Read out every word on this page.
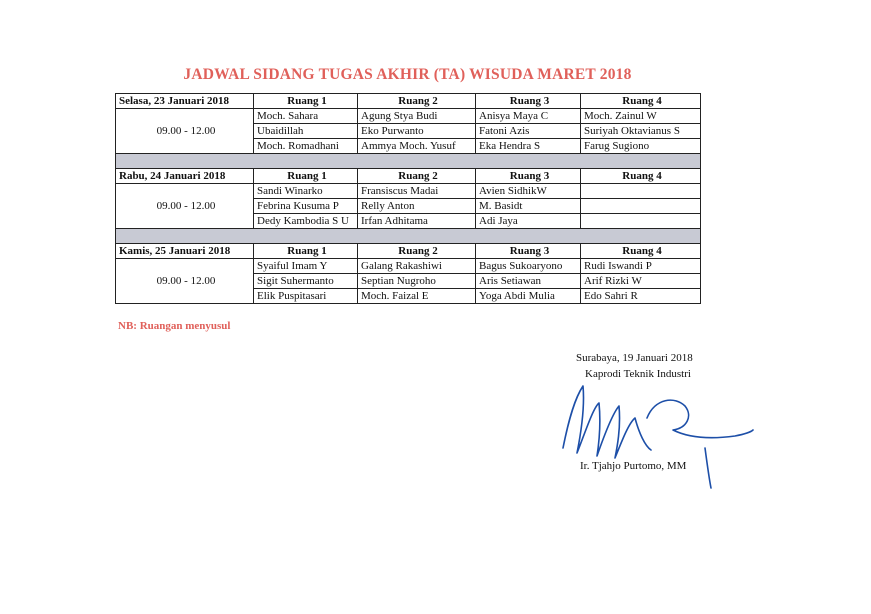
JADWAL SIDANG TUGAS AKHIR (TA) WISUDA MARET 2018
Selasa, 23 Januari 2018	Ruang 1	Ruang 2	Ruang 3	Ruang 4
09.00 - 12.00	Moch. Sahara	Agung Stya Budi	Anisya Maya C	Moch. Zainul W
	Ubaidillah	Eko Purwanto	Fatoni Azis	Suriyah Oktavianus S
	Moch. Romadhani	Ammya Moch. Yusuf	Eka Hendra S	Farug Sugiono

Rabu, 24 Januari 2018	Ruang 1	Ruang 2	Ruang 3	Ruang 4
09.00 - 12.00	Sandi Winarko	Fransiscus Madai	Avien SidhikW	
	Febrina Kusuma P	Relly Anton	M. Basidt	
	Dedy Kambodia S U	Irfan Adhitama	Adi Jaya	

Kamis, 25 Januari 2018	Ruang 1	Ruang 2	Ruang 3	Ruang 4
09.00 - 12.00	Syaiful Imam Y	Galang Rakashiwi	Bagus Sukoaryono	Rudi Iswandi P
	Sigit Suhermanto	Septian Nugroho	Aris Setiawan	Arif Rizki W
	Elik Puspitasari	Moch. Faizal E	Yoga Abdi Mulia	Edo Sahri R
NB: Ruangan menyusul
Surabaya, 19 Januari 2018
Kaprodi Teknik Industri
Ir. Tjahjo Purtomo, MM
